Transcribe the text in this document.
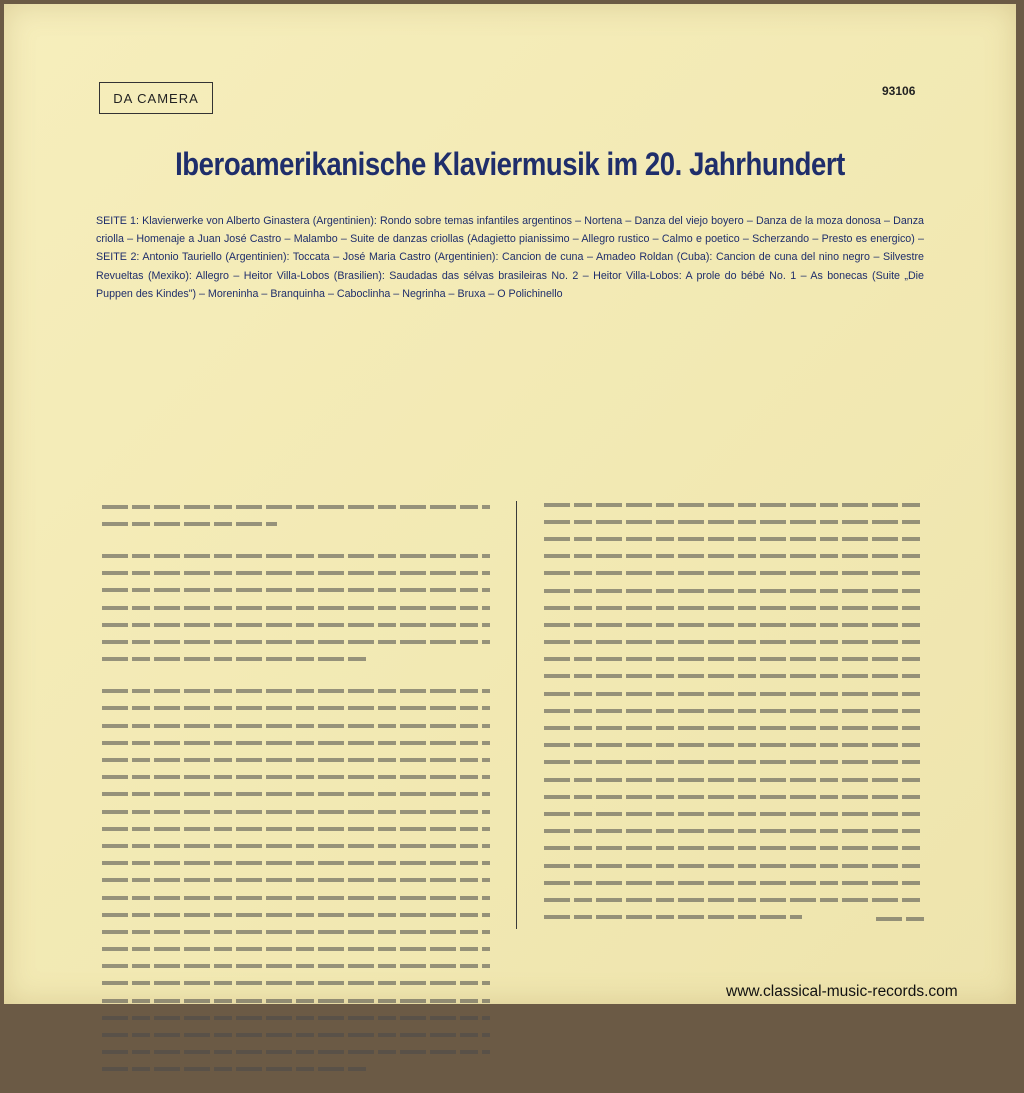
DA CAMERA	93106
Iberoamerikanische Klaviermusik im 20. Jahrhundert
SEITE 1: Klavierwerke von Alberto Ginastera (Argentinien): Rondo sobre temas infantiles argentinos – Nortena – Danza del viejo boyero – Danza de la moza donosa – Danza criolla – Homenaje a Juan José Castro – Malambo – Suite de danzas criollas (Adagietto pianissimo – Allegro rustico – Calmo e poetico – Scherzando – Presto es energico) – SEITE 2: Antonio Tauriello (Argentinien): Toccata – José Maria Castro (Argentinien): Cancion de cuna – Amadeo Roldan (Cuba): Cancion de cuna del nino negro – Silvestre Revueltas (Mexiko): Allegro – Heitor Villa-Lobos (Brasilien): Saudadas das sélvas brasileiras No. 2 – Heitor Villa-Lobos: A prole do bébé No. 1 – As bonecas (Suite „Die Puppen des Kindes") – Moreninha – Branquinha – Caboclinha – Negrinha – Bruxa – O Polichinello
www.classical-music-records.com
